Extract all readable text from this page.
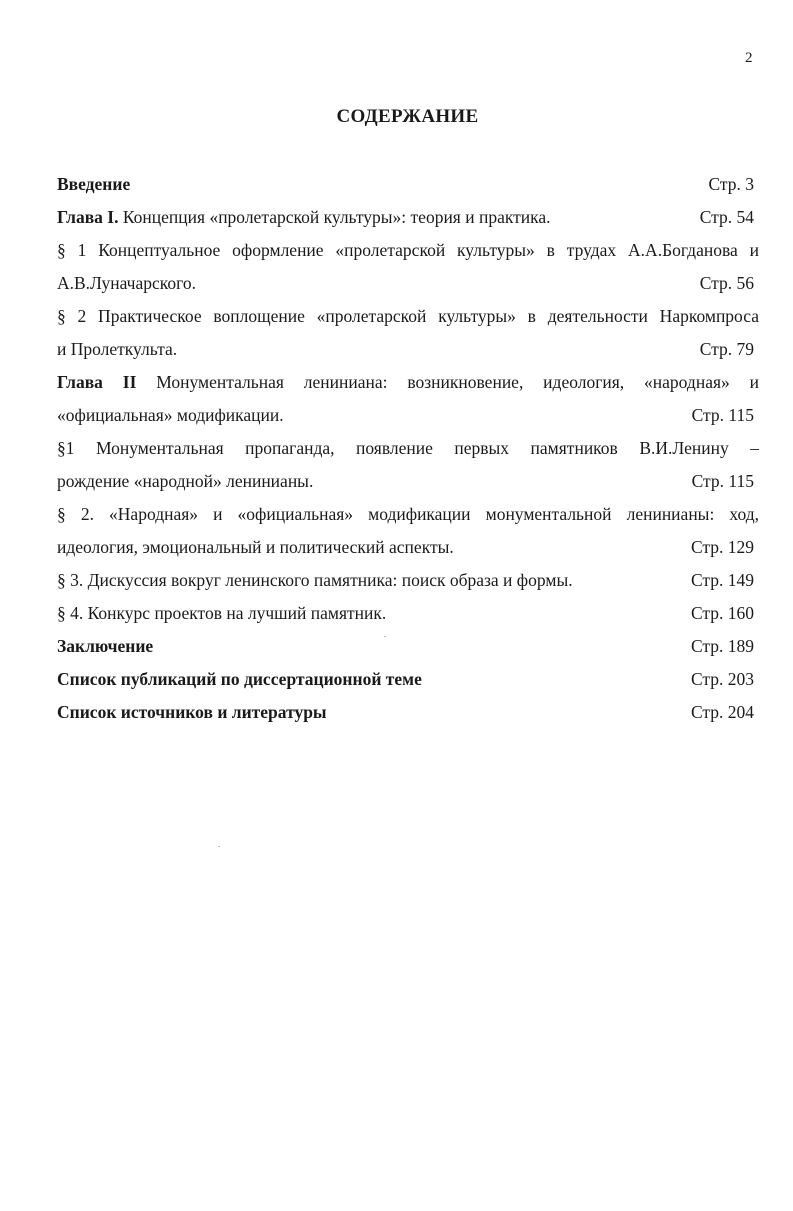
2
СОДЕРЖАНИЕ
Введение	Стр. 3
Глава I. Концепция «пролетарской культуры»: теория и практика.	Стр. 54
§ 1 Концептуальное оформление «пролетарской культуры» в трудах А.А.Богданова и
А.В.Луначарского.	Стр. 56
§ 2 Практическое воплощение «пролетарской культуры» в деятельности Наркомпроса
и Пролеткульта.	Стр. 79
Глава II Монументальная лениниана: возникновение, идеология, «народная» и
«официальная» модификации.	Стр. 115
§1 Монументальная пропаганда, появление первых памятников В.И.Ленину –
рождение «народной» ленинианы.	Стр. 115
§ 2. «Народная» и «официальная» модификации монументальной ленинианы: ход,
идеология, эмоциональный и политический аспекты.	Стр. 129
§ 3. Дискуссия вокруг ленинского памятника: поиск образа и формы.	Стр. 149
§ 4. Конкурс проектов на лучший памятник.	Стр. 160
Заключение	Стр. 189
Список публикаций по диссертационной теме	Стр. 203
Список источников и литературы	Стр. 204
